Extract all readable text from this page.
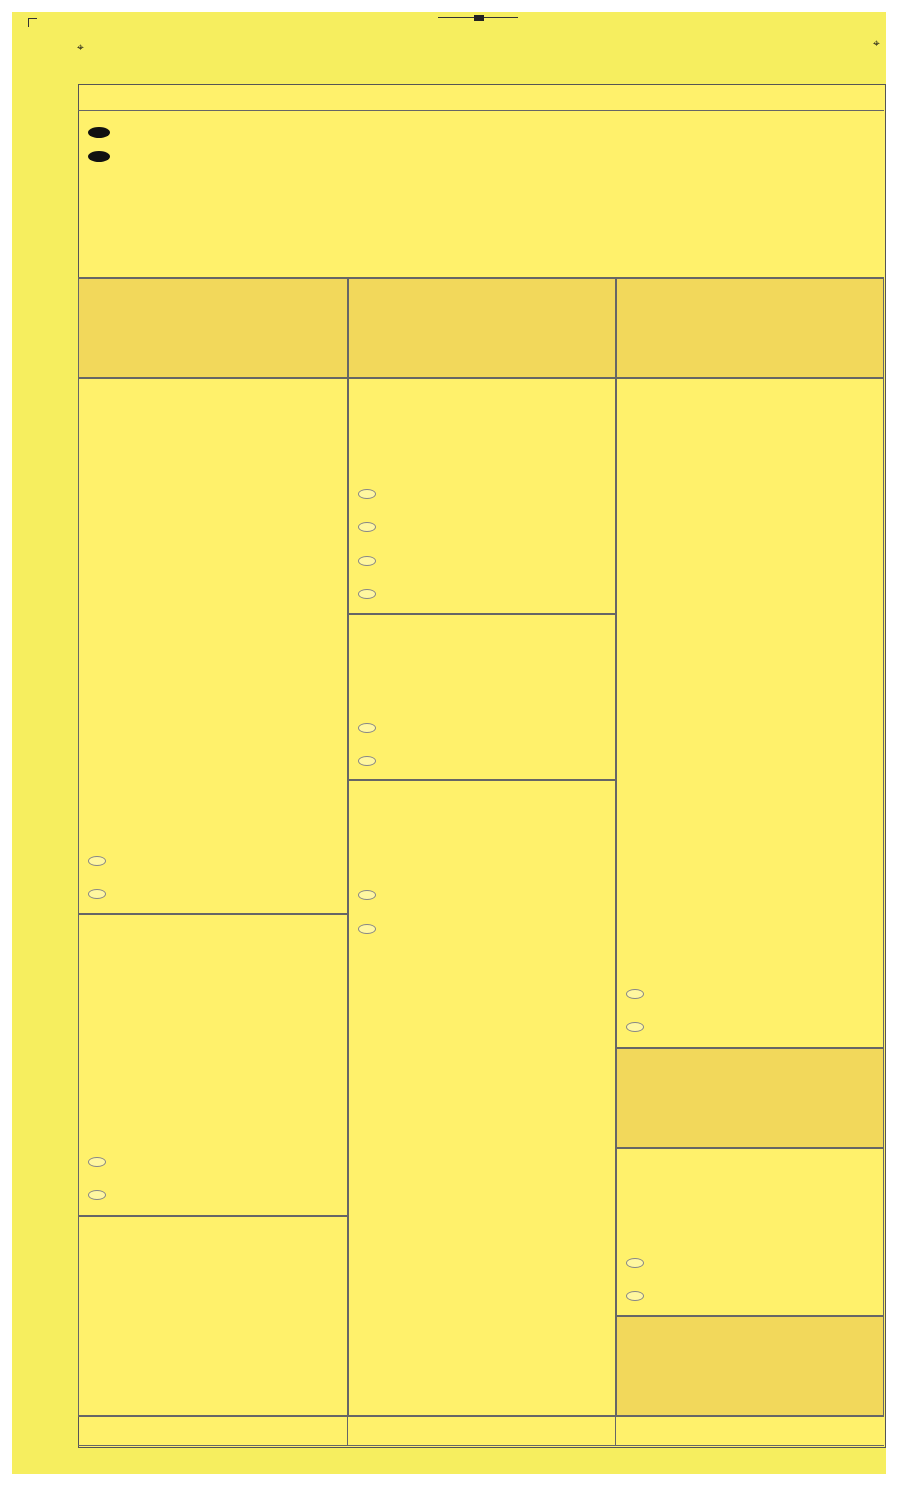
⌖	⌖
